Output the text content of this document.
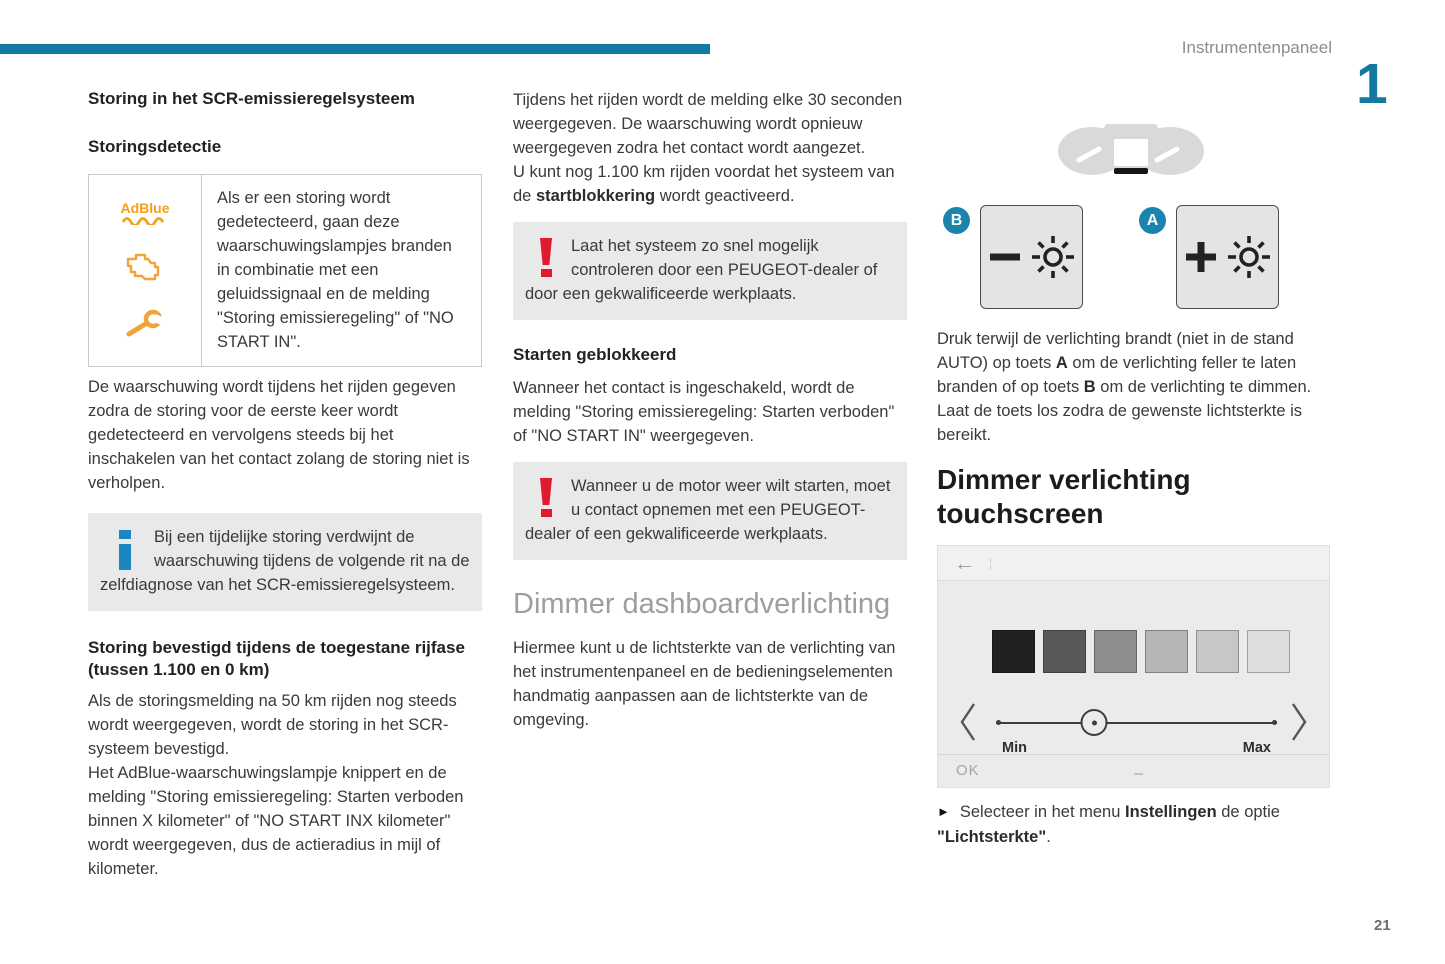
Instrumentenpaneel
1
21
Storing in het SCR-emissieregelsysteem
Storingsdetectie
AdBlue
Als er een storing wordt gedetecteerd, gaan deze waarschuwingslampjes branden in combinatie met een geluidssignaal en de melding "Storing emissieregeling" of "NO START IN".

De waarschuwing wordt tijdens het rijden gegeven zodra de storing voor de eerste keer wordt gedetecteerd en vervolgens steeds bij het inschakelen van het contact zolang de storing niet is verholpen.

Bij een tijdelijke storing verdwijnt de waarschuwing tijdens de volgende rit na de zelfdiagnose van het SCR-emissieregelsysteem.
Storing bevestigd tijdens de toegestane rijfase (tussen 1.100 en 0 km)

Als de storingsmelding na 50 km rijden nog steeds wordt weergegeven, wordt de storing in het SCR-systeem bevestigd.

Het AdBlue-waarschuwingslampje knippert en de melding "Storing emissieregeling: Starten verboden binnen X kilometer" of "NO START INX kilometer" wordt weergegeven, dus de actieradius in mijl of kilometer.

Tijdens het rijden wordt de melding elke 30 seconden weergegeven. De waarschuwing wordt opnieuw weergegeven zodra het contact wordt aangezet.

U kunt nog 1.100 km rijden voordat het systeem van de startblokkering wordt geactiveerd.

Laat het systeem zo snel mogelijk controleren door een PEUGEOT-dealer of door een gekwalificeerde werkplaats.
Starten geblokkeerd

Wanneer het contact is ingeschakeld, wordt de melding "Storing emissieregeling: Starten verboden" of "NO START IN" weergegeven.

Wanneer u de motor weer wilt starten, moet u contact opnemen met een PEUGEOT-dealer of een gekwalificeerde werkplaats.
Dimmer dashboardverlichting

Hiermee kunt u de lichtsterkte van de verlichting van het instrumentenpaneel en de bedieningselementen handmatig aanpassen aan de lichtsterkte van de omgeving.

B	A

Druk terwijl de verlichting brandt (niet in de stand AUTO) op toets A om de verlichting feller te laten branden of op toets B om de verlichting te dimmen.

Laat de toets los zodra de gewenste lichtsterkte is bereikt.

Dimmer verlichting touchscreen
← ¦
Min	Max
OK

► Selecteer in het menu Instellingen de optie "Lichtsterkte".
